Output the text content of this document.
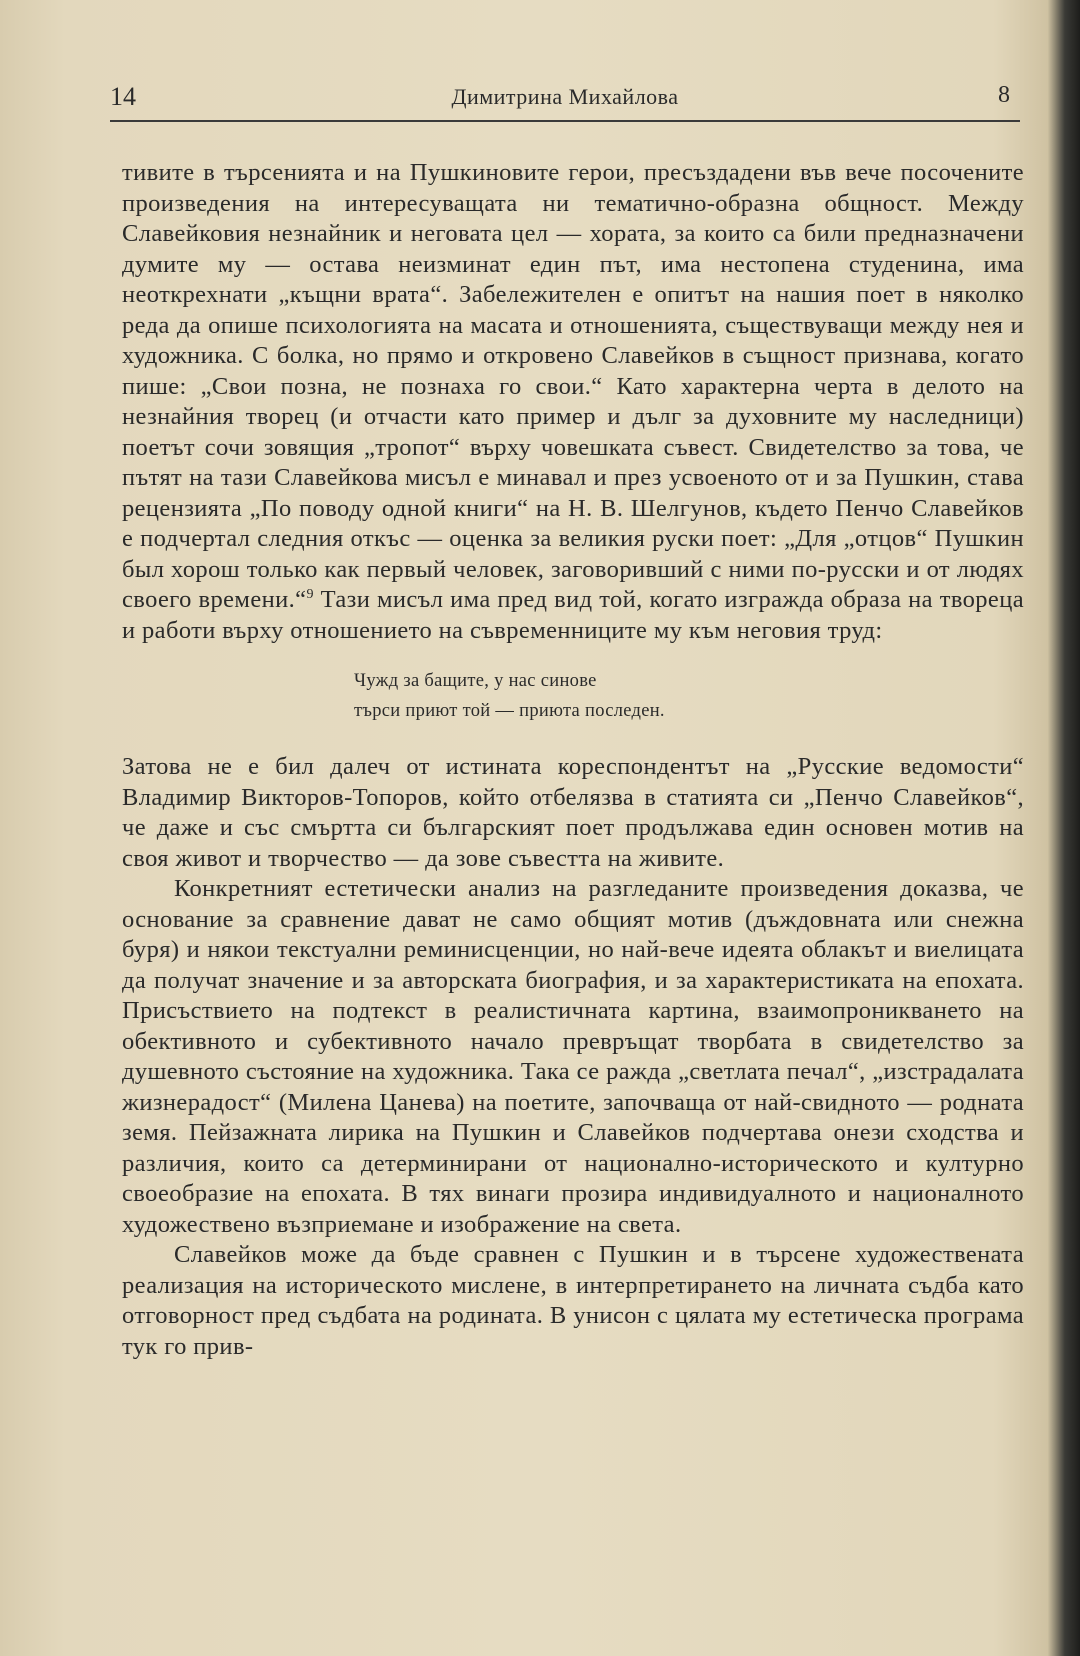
14	Димитрина Михайлова	8

тивите в търсенията и на Пушкиновите герои, пресъздадени във вече посочените произведения на интересуващата ни тематично-образна общност. Между Славейковия незнайник и неговата цел — хората, за които са били предназначени думите му — остава неизминат един път, има нестопена студенина, има неоткрехнати „къщни врата“. Забележителен е опитът на нашия поет в няколко реда да опише психологията на масата и отношенията, съществуващи между нея и художника. С болка, но прямо и откровено Славейков в същност признава, когато пише: „Свои позна, не познаха го свои.“ Като характерна черта в делото на незнайния творец (и отчасти като пример и дълг за духовните му наследници) поетът сочи зовящия „тропот“ върху човешката съвест. Свидетелство за това, че пътят на тази Славейкова мисъл е минавал и през усвоеното от и за Пушкин, става рецензията „По поводу одной книги“ на Н. В. Шелгунов, където Пенчо Славейков е подчертал следния откъс — оценка за великия руски поет: „Для „отцов“ Пушкин был хорош только как первый человек, заговоривший с ними по-русски и от людях своего времени.“$^9$ Тази мисъл има пред вид той, когато изгражда образа на твореца и работи върху отношението на съвременниците му към неговия труд:

Чужд за бащите, у нас синове
търси приют той — приюта последен.

Затова не е бил далеч от истината кореспондентът на „Русские ведомости“ Владимир Викторов-Топоров, който отбелязва в статията си „Пенчо Славейков“, че даже и със смъртта си българският поет продължава един основен мотив на своя живот и творчество — да зове съвестта на живите.

Конкретният естетически анализ на разгледаните произведения доказва, че основание за сравнение дават не само общият мотив (дъждовната или снежна буря) и някои текстуални реминисценции, но най-вече идеята облакът и виелицата да получат значение и за авторската биография, и за характеристиката на епохата. Присъствието на подтекст в реалистичната картина, взаимопроникването на обективното и субективното начало превръщат творбата в свидетелство за душевното състояние на художника. Така се ражда „светлата печал“, „изстрадалата жизнерадост“ (Милена Цанева) на поетите, започваща от най-свидното — родната земя. Пейзажната лирика на Пушкин и Славейков подчертава онези сходства и различия, които са детерминирани от национално-историческото и културно своеобразие на епохата. В тях винаги прозира индивидуалното и националното художествено възприемане и изображение на света.

Славейков може да бъде сравнен с Пушкин и в търсене художествената реализация на историческото мислене, в интерпретирането на личната съдба като отговорност пред съдбата на родината. В унисон с цялата му естетическа програма тук го прив-
